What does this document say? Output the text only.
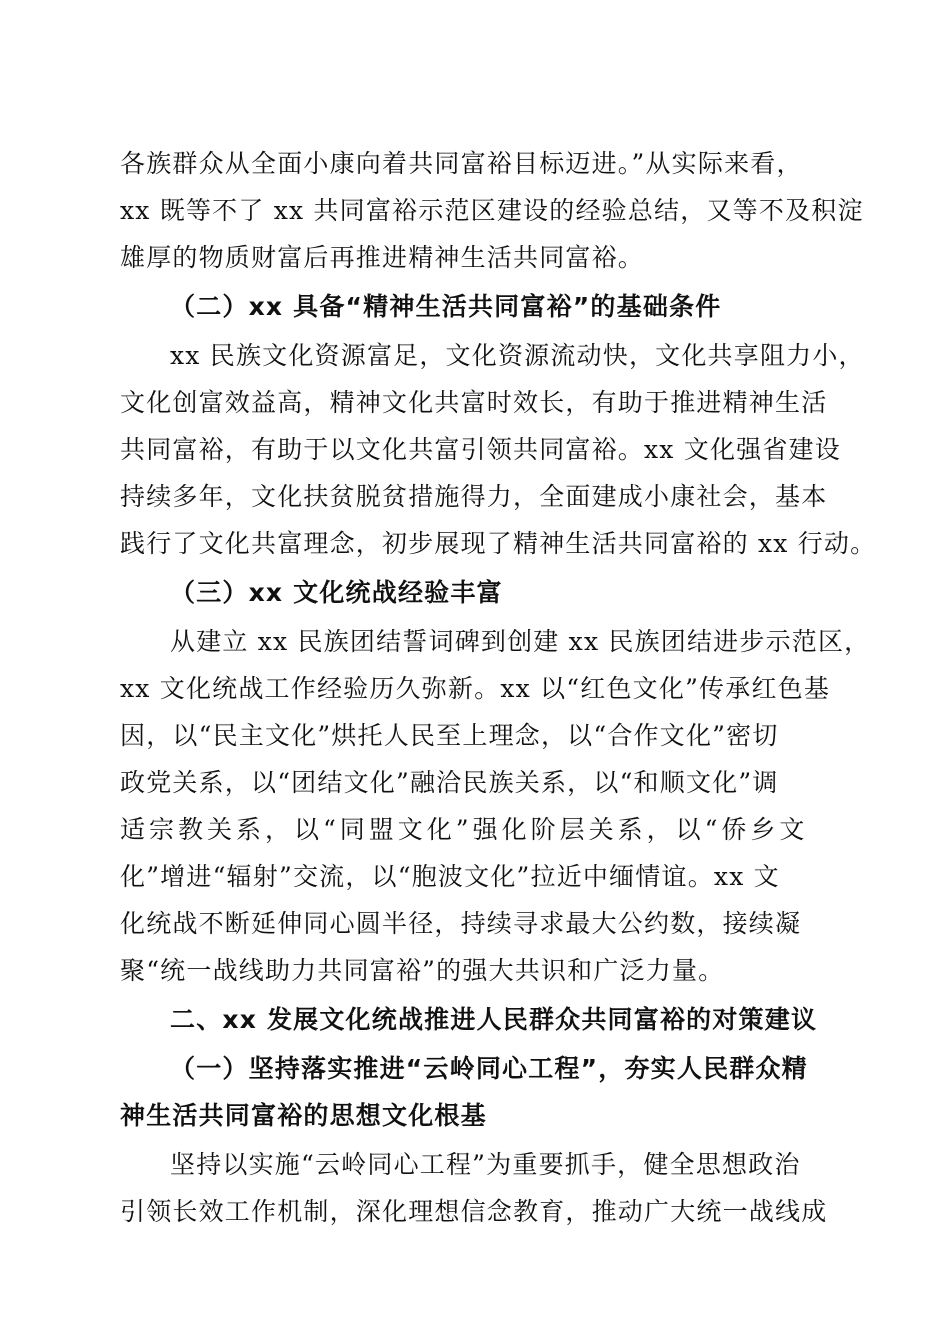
各族群众从全面小康向着共同富裕目标迈进。”从实际来看，
xx 既等不了 xx 共同富裕示范区建设的经验总结，又等不及积淀
雄厚的物质财富后再推进精神生活共同富裕。
（二）xx 具备“精神生活共同富裕”的基础条件
xx 民族文化资源富足，文化资源流动快，文化共享阻力小，
文化创富效益高，精神文化共富时效长，有助于推进精神生活
共同富裕，有助于以文化共富引领共同富裕。xx 文化强省建设
持续多年，文化扶贫脱贫措施得力，全面建成小康社会，基本
践行了文化共富理念，初步展现了精神生活共同富裕的 xx 行动。
（三）xx 文化统战经验丰富
从建立 xx 民族团结誓词碑到创建 xx 民族团结进步示范区，
xx 文化统战工作经验历久弥新。xx 以“红色文化”传承红色基
因，以“民主文化”烘托人民至上理念，以“合作文化”密切
政党关系，以“团结文化”融洽民族关系，以“和顺文化”调
适宗教关系，以“同盟文化”强化阶层关系，以“侨乡文
化”增进“辐射”交流，以“胞波文化”拉近中缅情谊。xx 文
化统战不断延伸同心圆半径，持续寻求最大公约数，接续凝
聚“统一战线助力共同富裕”的强大共识和广泛力量。
二、xx 发展文化统战推进人民群众共同富裕的对策建议
（一）坚持落实推进“云岭同心工程”，夯实人民群众精
神生活共同富裕的思想文化根基
坚持以实施“云岭同心工程”为重要抓手，健全思想政治
引领长效工作机制，深化理想信念教育，推动广大统一战线成
